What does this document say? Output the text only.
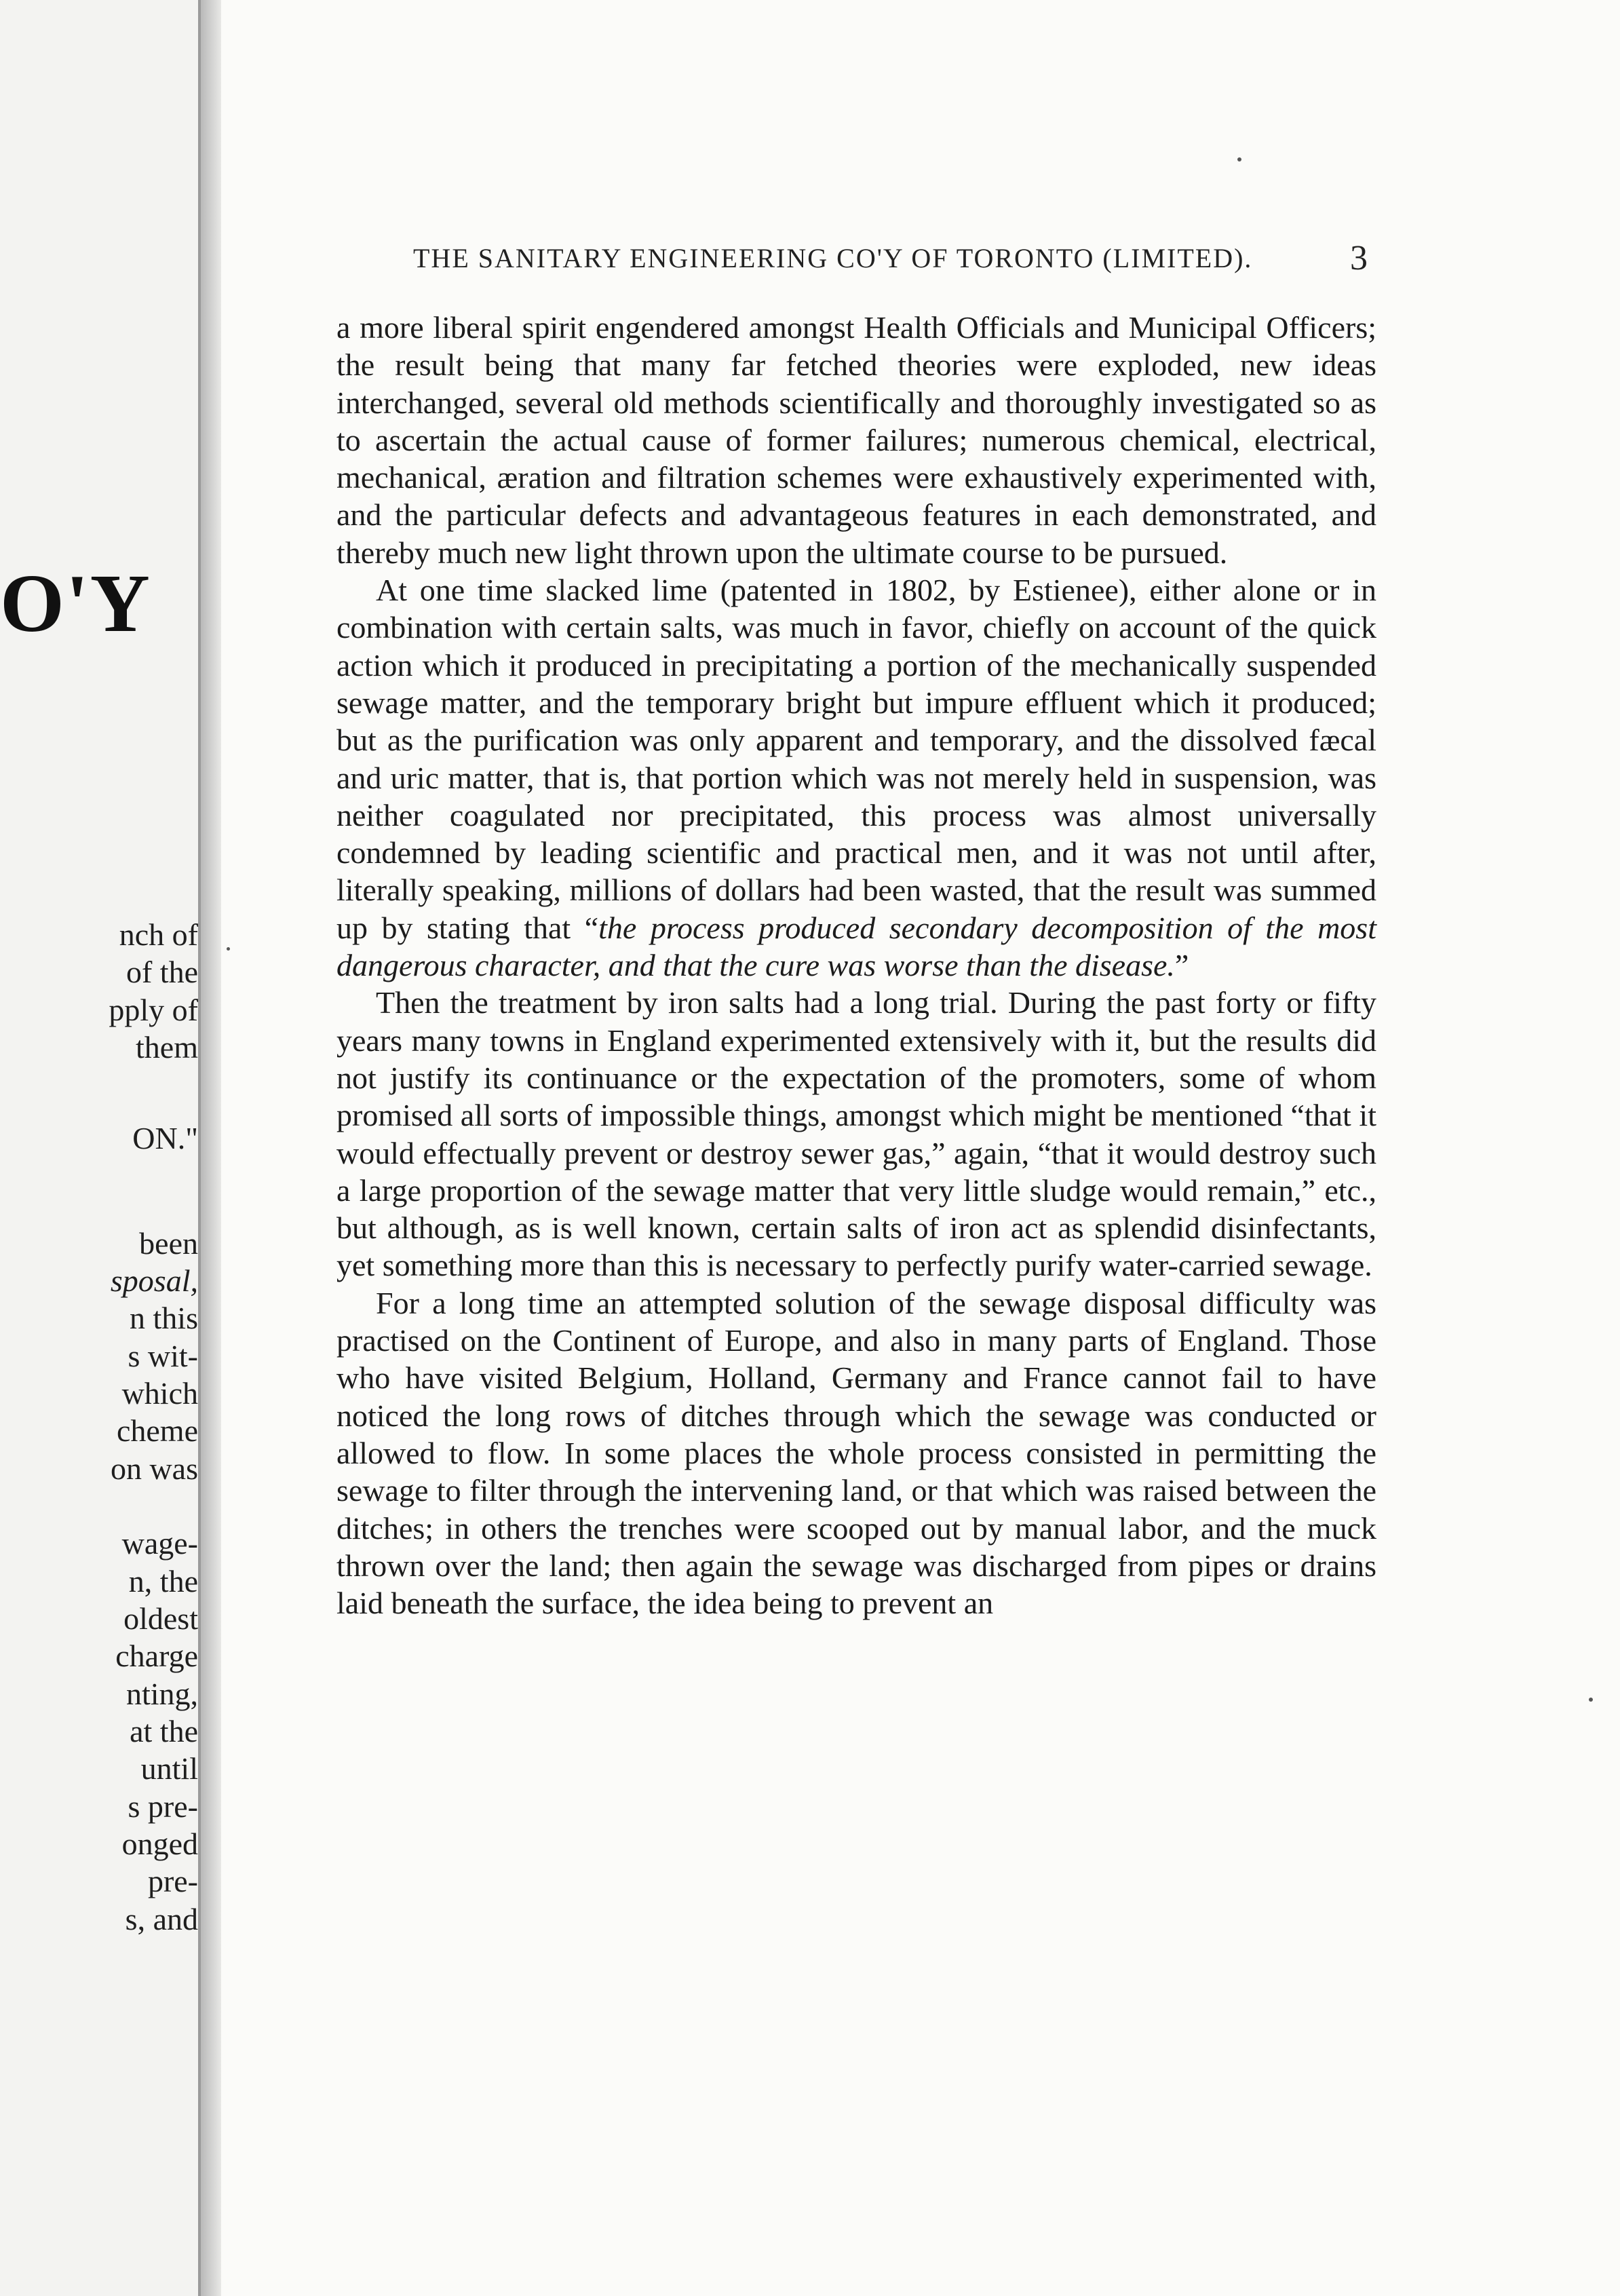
O'Y
nch of
of the
pply of
them
ON."
been
sposal,
n this
s wit-
which
cheme
on was
wage-
n, the
oldest
charge
nting,
at the
until
s pre-
onged
pre-
s, and
THE SANITARY ENGINEERING CO'Y OF TORONTO (LIMITED).	3

a more liberal spirit engendered amongst Health Officials and Municipal Officers; the result being that many far fetched theories were exploded, new ideas interchanged, several old methods scientifically and thoroughly investigated so as to ascertain the actual cause of former failures; numerous chemical, electrical, mechanical, æration and filtration schemes were exhaustively experimented with, and the particular defects and advantageous features in each demonstrated, and thereby much new light thrown upon the ultimate course to be pursued.

At one time slacked lime (patented in 1802, by Estienee), either alone or in combination with certain salts, was much in favor, chiefly on account of the quick action which it produced in precipitating a portion of the mechanically suspended sewage matter, and the temporary bright but impure effluent which it produced; but as the purification was only apparent and temporary, and the dissolved fæcal and uric matter, that is, that portion which was not merely held in suspension, was neither coagulated nor precipitated, this process was almost universally condemned by leading scientific and practical men, and it was not until after, literally speaking, millions of dollars had been wasted, that the result was summed up by stating that “the process produced secondary decomposition of the most dangerous character, and that the cure was worse than the disease.”

Then the treatment by iron salts had a long trial. During the past forty or fifty years many towns in England experimented extensively with it, but the results did not justify its continuance or the expectation of the promoters, some of whom promised all sorts of impossible things, amongst which might be mentioned “that it would effectually prevent or destroy sewer gas,” again, “that it would destroy such a large proportion of the sewage matter that very little sludge would remain,” etc., but although, as is well known, certain salts of iron act as splendid disinfectants, yet something more than this is necessary to perfectly purify water-carried sewage.

For a long time an attempted solution of the sewage disposal difficulty was practised on the Continent of Europe, and also in many parts of England. Those who have visited Belgium, Holland, Germany and France cannot fail to have noticed the long rows of ditches through which the sewage was conducted or allowed to flow. In some places the whole process consisted in permitting the sewage to filter through the intervening land, or that which was raised between the ditches; in others the trenches were scooped out by manual labor, and the muck thrown over the land; then again the sewage was discharged from pipes or drains laid beneath the surface, the idea being to prevent an
